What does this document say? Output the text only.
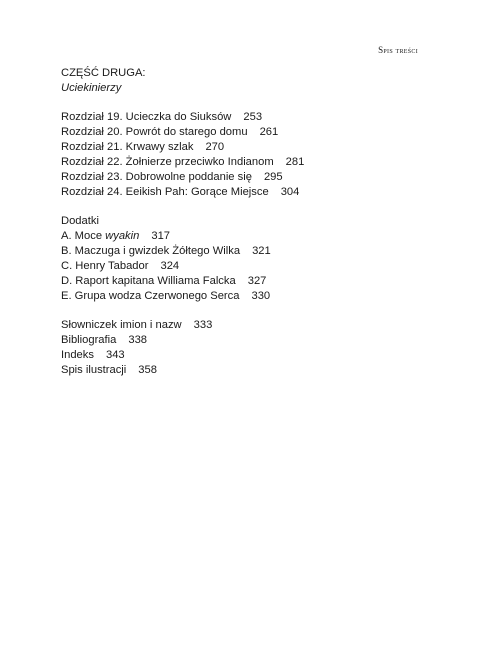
Spis treści

CZĘŚĆ DRUGA:

Uciekinierzy

Rozdział 19. Ucieczka do Siuksów 253

Rozdział 20. Powrót do starego domu 261

Rozdział 21. Krwawy szlak 270

Rozdział 22. Żołnierze przeciwko Indianom 281

Rozdział 23. Dobrowolne poddanie się 295

Rozdział 24. Eeikish Pah: Gorące Miejsce 304

Dodatki

A. Moce wyakin 317

B. Maczuga i gwizdek Żółtego Wilka 321

C. Henry Tabador 324

D. Raport kapitana Williama Falcka 327

E. Grupa wodza Czerwonego Serca 330

Słowniczek imion i nazw 333

Bibliografia 338

Indeks 343

Spis ilustracji 358
